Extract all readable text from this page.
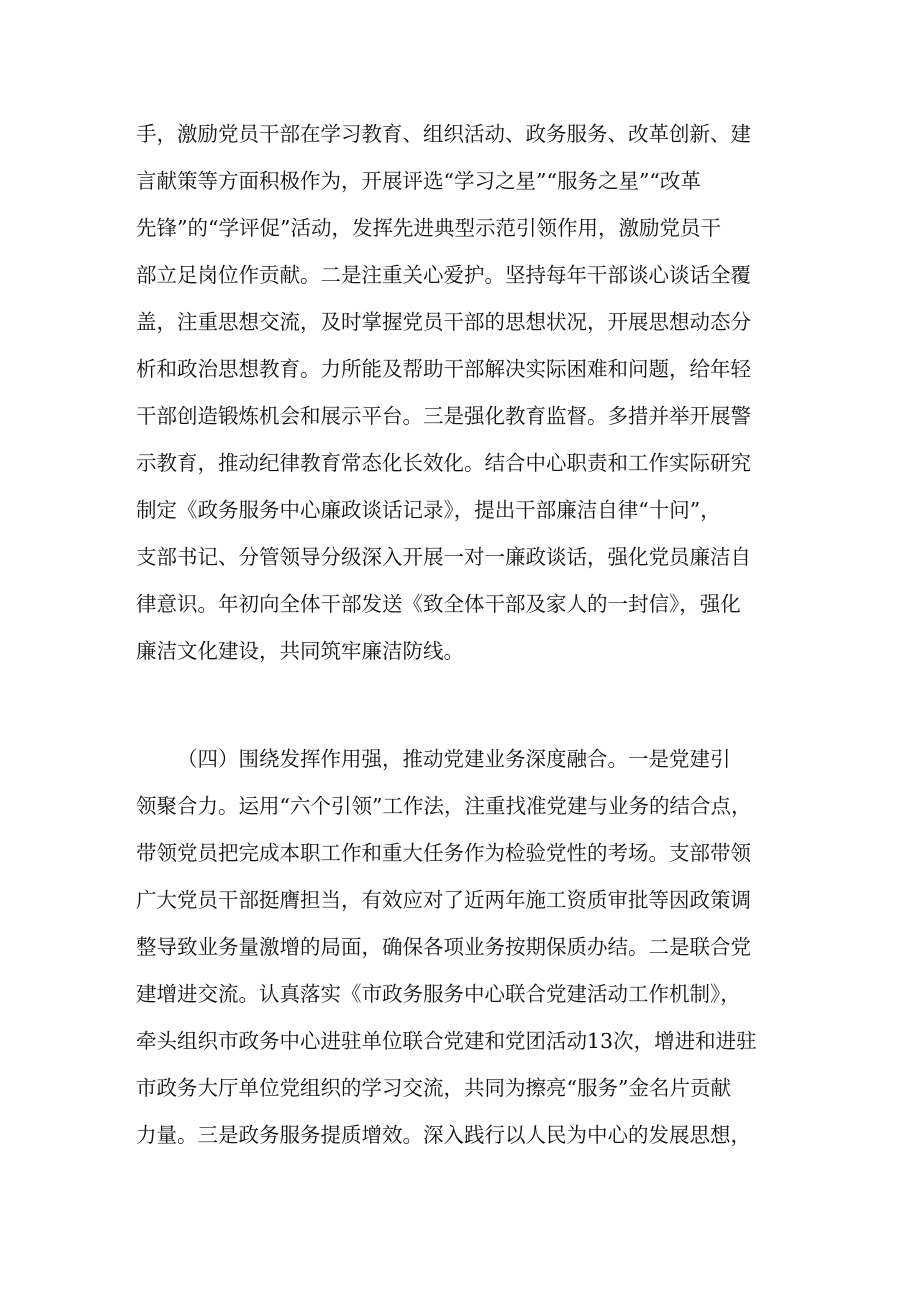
手，激励党员干部在学习教育、组织活动、政务服务、改革创新、建
言献策等方面积极作为，开展评选“学习之星”“服务之星”“改革
先锋”的“学评促”活动，发挥先进典型示范引领作用，激励党员干
部立足岗位作贡献。二是注重关心爱护。坚持每年干部谈心谈话全覆
盖，注重思想交流，及时掌握党员干部的思想状况，开展思想动态分
析和政治思想教育。力所能及帮助干部解决实际困难和问题，给年轻
干部创造锻炼机会和展示平台。三是强化教育监督。多措并举开展警
示教育，推动纪律教育常态化长效化。结合中心职责和工作实际研究
制定《政务服务中心廉政谈话记录》，提出干部廉洁自律“十问”，
支部书记、分管领导分级深入开展一对一廉政谈话，强化党员廉洁自
律意识。年初向全体干部发送《致全体干部及家人的一封信》，强化
廉洁文化建设，共同筑牢廉洁防线。
（四）围绕发挥作用强，推动党建业务深度融合。一是党建引
领聚合力。运用“六个引领”工作法，注重找准党建与业务的结合点，
带领党员把完成本职工作和重大任务作为检验党性的考场。支部带领
广大党员干部挺膺担当，有效应对了近两年施工资质审批等因政策调
整导致业务量激增的局面，确保各项业务按期保质办结。二是联合党
建增进交流。认真落实《市政务服务中心联合党建活动工作机制》，
牵头组织市政务中心进驻单位联合党建和党团活动13次，增进和进驻
市政务大厅单位党组织的学习交流，共同为擦亮“服务”金名片贡献
力量。三是政务服务提质增效。深入践行以人民为中心的发展思想，
